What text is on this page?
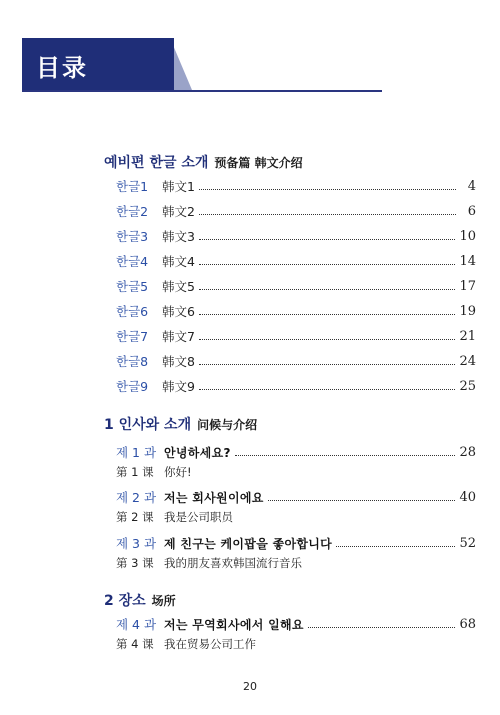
目录
예비편 한글 소개 预备篇 韩文介绍
한글1	韩文1	4
한글2	韩文2	6
한글3	韩文3	10
한글4	韩文4	14
한글5	韩文5	17
한글6	韩文6	19
한글7	韩文7	21
한글8	韩文8	24
한글9	韩文9	25
1 인사와 소개 问候与介绍
제 1 과 안녕하세요?	28
第 1 课 你好!
제 2 과 저는 회사원이에요	40
第 2 课 我是公司职员
제 3 과 제 친구는 케이팝을 좋아합니다	52
第 3 课 我的朋友喜欢韩国流行音乐
2 장소 场所
제 4 과 저는 무역회사에서 일해요	68
第 4 课 我在贸易公司工作
20
